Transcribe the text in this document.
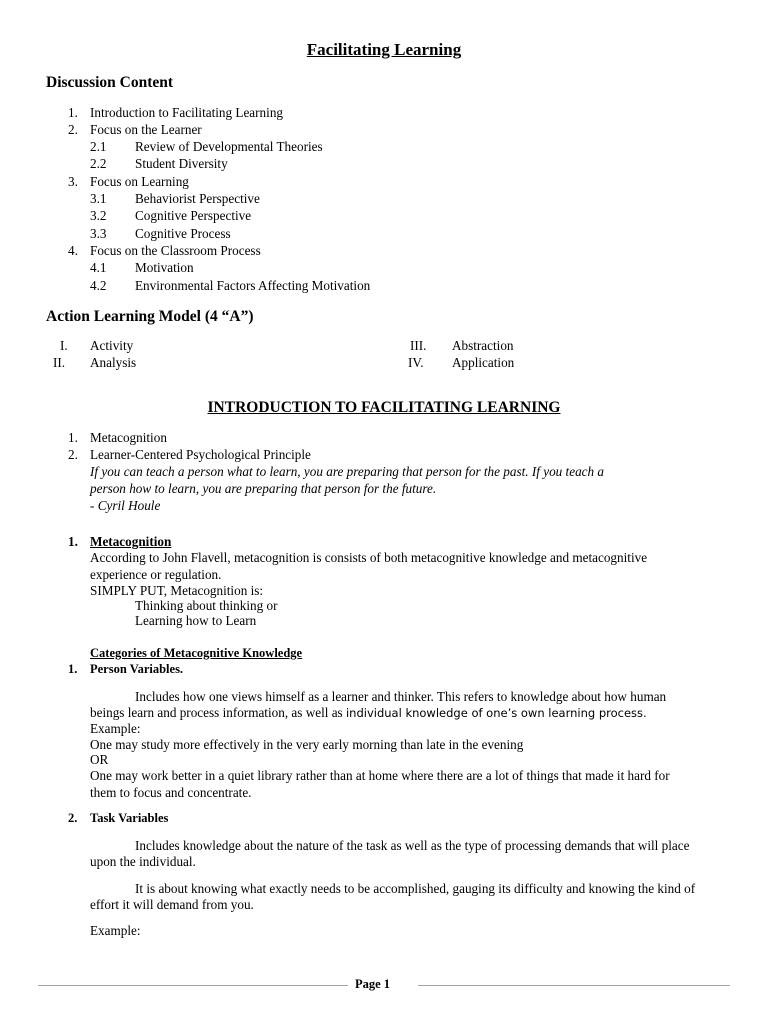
Facilitating Learning
Discussion Content
1. Introduction to Facilitating Learning
2. Focus on the Learner
2.1 Review of Developmental Theories
2.2 Student Diversity
3. Focus on Learning
3.1 Behaviorist Perspective
3.2 Cognitive Perspective
3.3 Cognitive Process
4. Focus on the Classroom Process
4.1 Motivation
4.2 Environmental Factors Affecting Motivation
Action Learning Model (4 “A”)
I. Activity
II. Analysis
III. Abstraction
IV. Application
INTRODUCTION TO FACILITATING LEARNING
1. Metacognition
2. Learner-Centered Psychological Principle
If you can teach a person what to learn, you are preparing that person for the past. If you teach a
person how to learn, you are preparing that person for the future.
- Cyril Houle
1. Metacognition
According to John Flavell, metacognition is consists of both metacognitive knowledge and metacognitive
experience or regulation.
SIMPLY PUT, Metacognition is:
Thinking about thinking or
Learning how to Learn
Categories of Metacognitive Knowledge
1. Person Variables.
Includes how one views himself as a learner and thinker. This refers to knowledge about how human
beings learn and process information, as well as individual knowledge of one’s own learning process.
Example:
One may study more effectively in the very early morning than late in the evening
OR
One may work better in a quiet library rather than at home where there are a lot of things that made it hard for
them to focus and concentrate.
2. Task Variables
Includes knowledge about the nature of the task as well as the type of processing demands that will place
upon the individual.
It is about knowing what exactly needs to be accomplished, gauging its difficulty and knowing the kind of
effort it will demand from you.
Example:
Page 1
